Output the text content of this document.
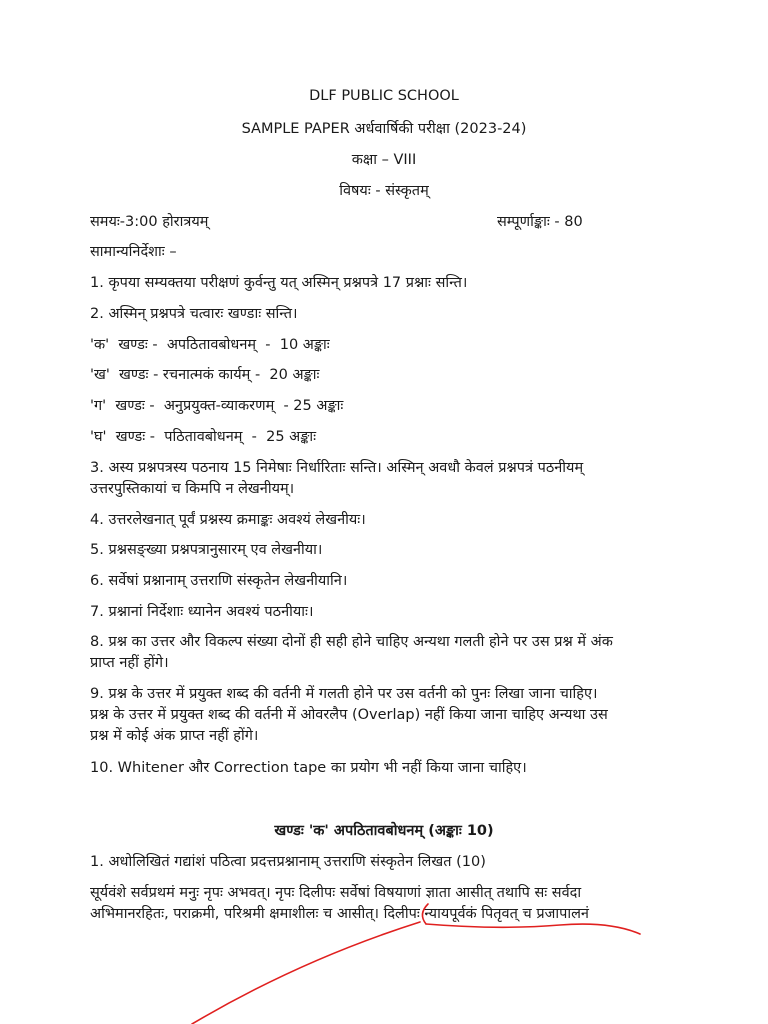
DLF PUBLIC SCHOOL
SAMPLE PAPER अर्धवार्षिकी परीक्षा (2023-24)
कक्षा – VIII
विषयः - संस्कृतम्
समयः-3:00 होरात्रयम्	सम्पूर्णाङ्काः - 80
सामान्यनिर्देशाः –
1. कृपया सम्यक्तया परीक्षणं कुर्वन्तु यत् अस्मिन् प्रश्नपत्रे 17 प्रश्नाः सन्ति।
2. अस्मिन् प्रश्नपत्रे चत्वारः खण्डाः सन्ति।
'क'  खण्डः -  अपठितावबोधनम्  -  10 अङ्काः
'ख'  खण्डः - रचनात्मकं कार्यम् -  20 अङ्काः
'ग'  खण्डः -  अनुप्रयुक्त-व्याकरणम्  - 25 अङ्काः
'घ'  खण्डः -  पठितावबोधनम्  -  25 अङ्काः
3. अस्य प्रश्नपत्रस्य पठनाय 15 निमेषाः निर्धारिताः सन्ति। अस्मिन् अवधौ केवलं प्रश्नपत्रं पठनीयम्
उत्तरपुस्तिकायां च किमपि न लेखनीयम्।
4. उत्तरलेखनात् पूर्वं प्रश्नस्य क्रमाङ्कः अवश्यं लेखनीयः।
5. प्रश्नसङ्ख्या प्रश्नपत्रानुसारम् एव लेखनीया।
6. सर्वेषां प्रश्नानाम् उत्तराणि संस्कृतेन लेखनीयानि।
7. प्रश्नानां निर्देशाः ध्यानेन अवश्यं पठनीयाः।
8. प्रश्न का उत्तर और विकल्प संख्या दोनों ही सही होने चाहिए अन्यथा गलती होने पर उस प्रश्न में अंक
प्राप्त नहीं होंगे।
9. प्रश्न के उत्तर में प्रयुक्त शब्द की वर्तनी में गलती होने पर उस वर्तनी को पुनः लिखा जाना चाहिए।
प्रश्न के उत्तर में प्रयुक्त शब्द की वर्तनी में ओवरलैप (Overlap) नहीं किया जाना चाहिए अन्यथा उस
प्रश्न में कोई अंक प्राप्त नहीं होंगे।
10. Whitener और Correction tape का प्रयोग भी नहीं किया जाना चाहिए।
खण्डः 'क' अपठितावबोधनम् (अङ्काः 10)
1. अधोलिखितं गद्यांशं पठित्वा प्रदत्तप्रश्नानाम् उत्तराणि संस्कृतेन लिखत (10)
सूर्यवंशे सर्वप्रथमं मनुः नृपः अभवत्। नृपः दिलीपः सर्वेषां विषयाणां ज्ञाता आसीत् तथापि सः सर्वदा
अभिमानरहितः, पराक्रमी, परिश्रमी क्षमाशीलः च आसीत्। दिलीपः न्यायपूर्वकं पितृवत् च प्रजापालनं
